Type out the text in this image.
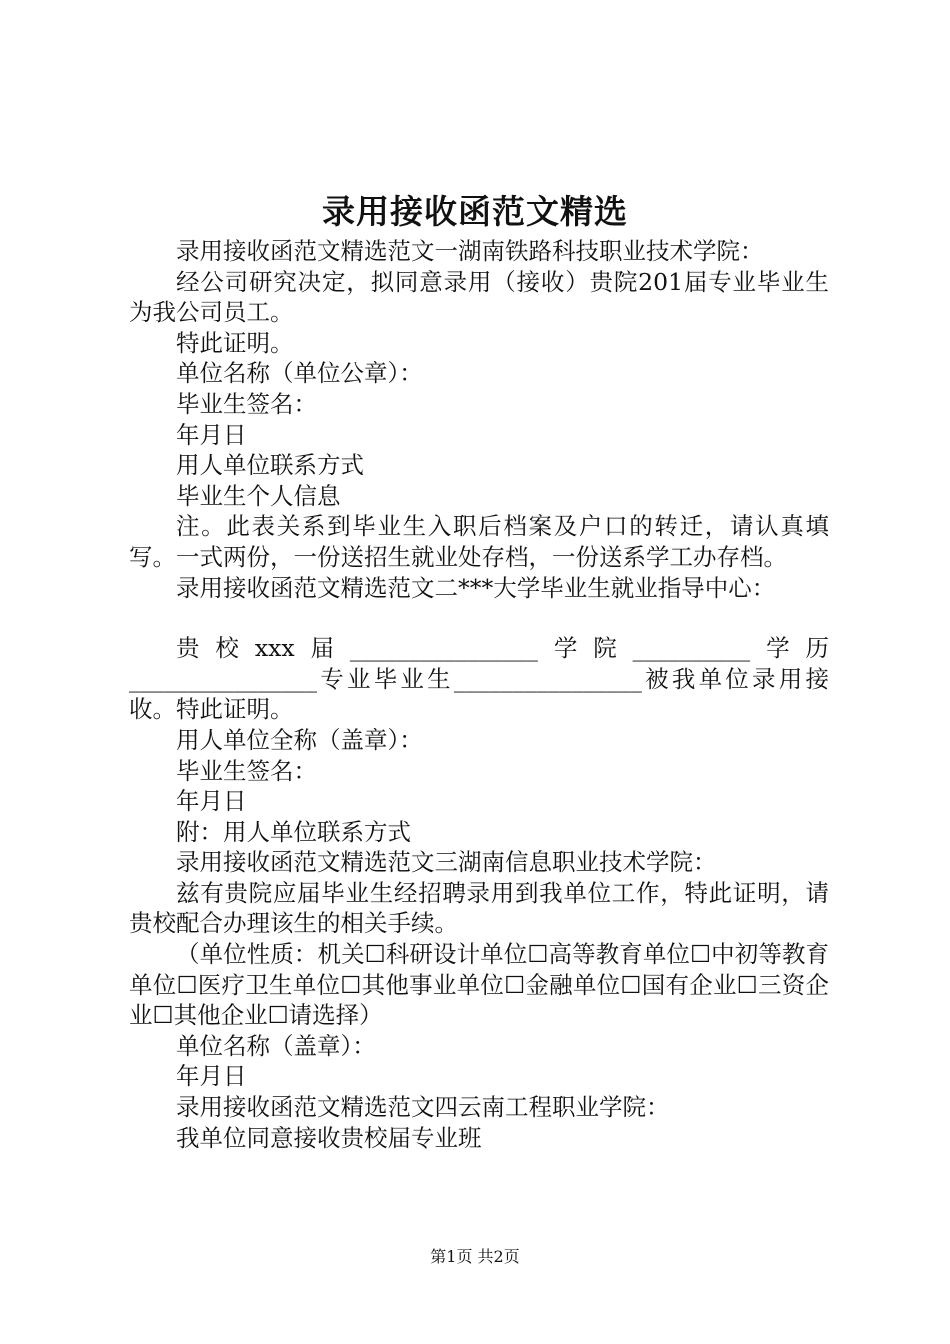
录用接收函范文精选

录用接收函范文精选范文一湖南铁路科技职业技术学院：

经公司研究决定，拟同意录用（接收）贵院201届专业毕业生为我公司员工。

特此证明。

单位名称（单位公章）：

毕业生签名：

年月日

用人单位联系方式

毕业生个人信息

注。此表关系到毕业生入职后档案及户口的转迁，请认真填写。一式两份，一份送招生就业处存档，一份送系学工办存档。

录用接收函范文精选范文二***大学毕业生就业指导中心：

贵校xxx届________________学院__________学历________________专业毕业生________________被我单位录用接收。特此证明。

用人单位全称（盖章）：

毕业生签名：

年月日

附：用人单位联系方式

录用接收函范文精选范文三湖南信息职业技术学院：

兹有贵院应届毕业生经招聘录用到我单位工作，特此证明，请贵校配合办理该生的相关手续。

（单位性质：机关☐科研设计单位☐高等教育单位☐中初等教育单位☐医疗卫生单位☐其他事业单位☐金融单位☐国有企业☐三资企业☐其他企业☐请选择）

单位名称（盖章）：

年月日

录用接收函范文精选范文四云南工程职业学院：

我单位同意接收贵校届专业班

第1页 共2页
